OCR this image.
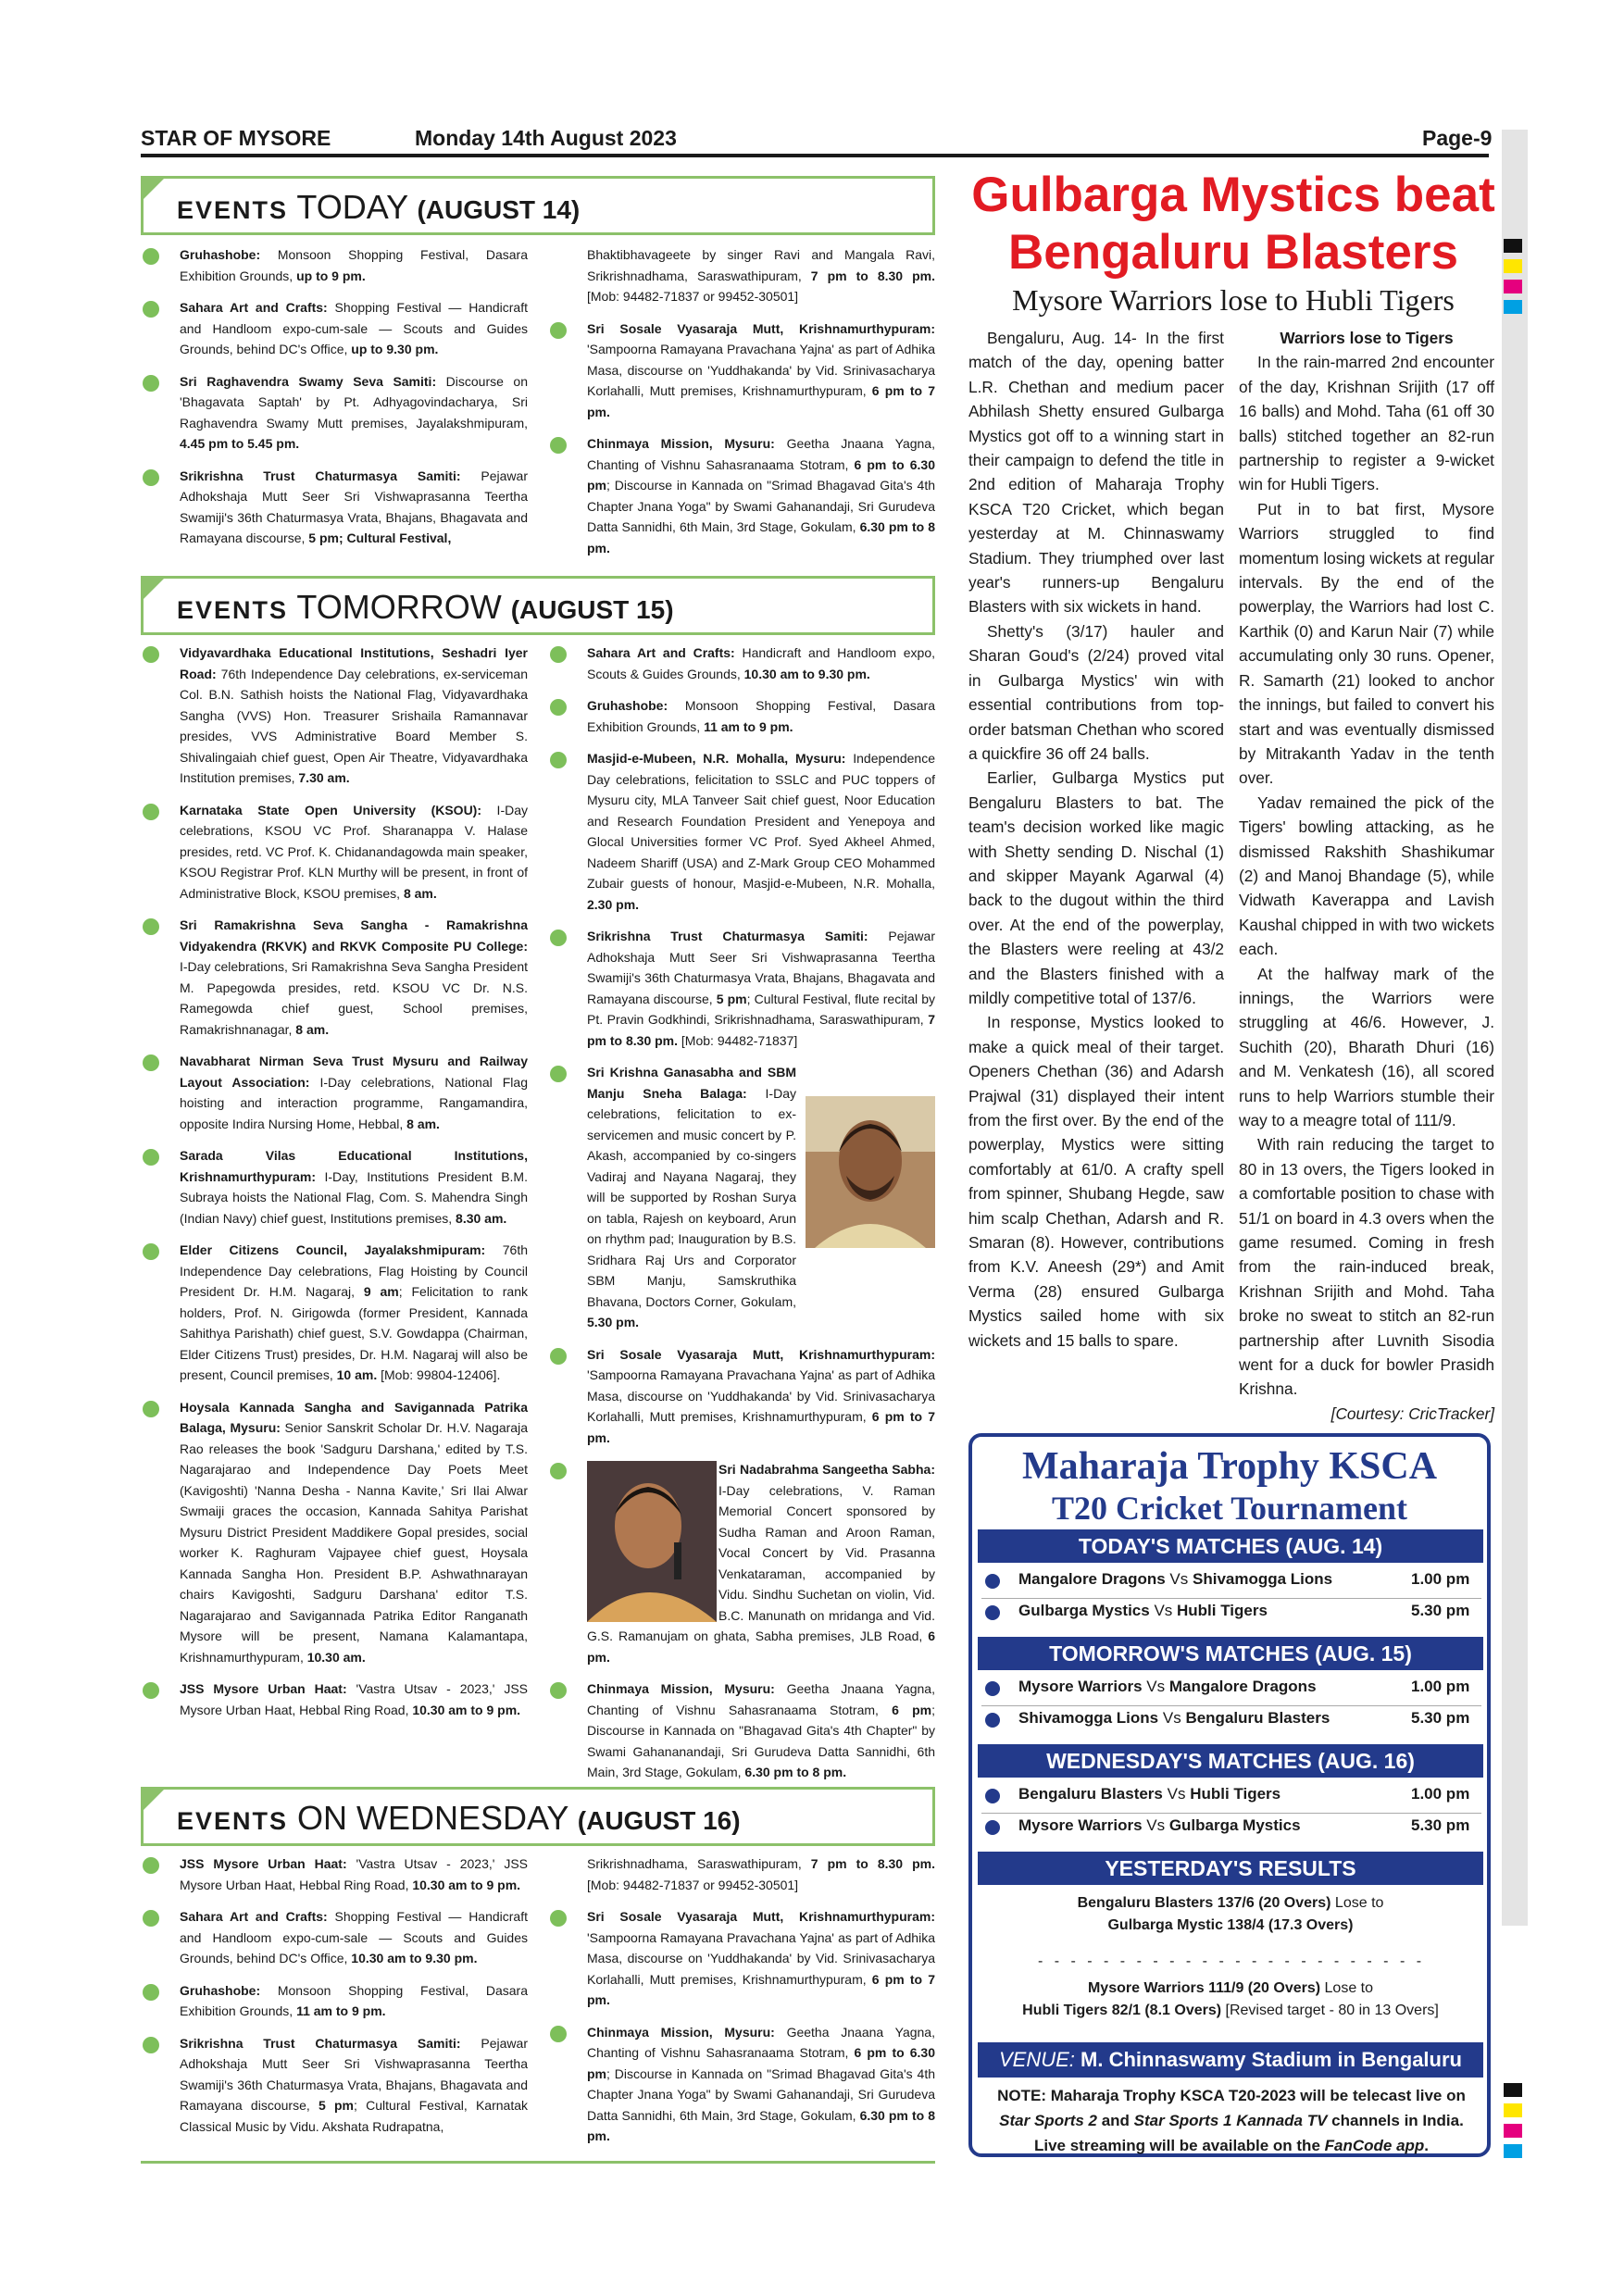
STAR OF MYSORE	Monday 14th August 2023	Page-9
EVENTS TODAY (AUGUST 14)
Gruhashobe: Monsoon Shopping Festival, Dasara Exhibition Grounds, up to 9 pm.
Sahara Art and Crafts: Shopping Festival — Handicraft and Handloom expo-cum-sale — Scouts and Guides Grounds, behind DC's Office, up to 9.30 pm.
Sri Raghavendra Swamy Seva Samiti: Discourse on 'Bhagavata Saptah' by Pt. Adhyagovindacharya, Sri Raghavendra Swamy Mutt premises, Jayalakshmipuram, 4.45 pm to 5.45 pm.
Srikrishna Trust Chaturmasya Samiti: Pejawar Adhokshaja Mutt Seer Sri Vishwaprasanna Teertha Swamiji's 36th Chaturmasya Vrata, Bhajans, Bhagavata and Ramayana discourse, 5 pm; Cultural Festival,
Bhaktibhavageete by singer Ravi and Mangala Ravi, Srikrishnadhama, Saraswathipuram, 7 pm to 8.30 pm. [Mob: 94482-71837 or 99452-30501]
Sri Sosale Vyasaraja Mutt, Krishnamurthypuram: 'Sampoorna Ramayana Pravachana Yajna' as part of Adhika Masa, discourse on 'Yuddhakanda' by Vid. Srinivasacharya Korlahalli, Mutt premises, Krishnamurthypuram, 6 pm to 7 pm.
Chinmaya Mission, Mysuru: Geetha Jnaana Yagna, Chanting of Vishnu Sahasranaama Stotram, 6 pm to 6.30 pm; Discourse in Kannada on "Srimad Bhagavad Gita's 4th Chapter Jnana Yoga" by Swami Gahanandaji, Sri Gurudeva Datta Sannidhi, 6th Main, 3rd Stage, Gokulam, 6.30 pm to 8 pm.
EVENTS TOMORROW (AUGUST 15)
Vidyavardhaka Educational Institutions, Seshadri Iyer Road: 76th Independence Day celebrations, ex-serviceman Col. B.N. Sathish hoists the National Flag, Vidyavardhaka Sangha (VVS) Hon. Treasurer Srishaila Ramannavar presides, VVS Administrative Board Member S. Shivalingaiah chief guest, Open Air Theatre, Vidyavardhaka Institution premises, 7.30 am.
Karnataka State Open University (KSOU): I-Day celebrations, KSOU VC Prof. Sharanappa V. Halase presides, retd. VC Prof. K. Chidanandagowda main speaker, KSOU Registrar Prof. KLN Murthy will be present, in front of Administrative Block, KSOU premises, 8 am.
Sri Ramakrishna Seva Sangha - Ramakrishna Vidyakendra (RKVK) and RKVK Composite PU College: I-Day celebrations, Sri Ramakrishna Seva Sangha President M. Papegowda presides, retd. KSOU VC Dr. N.S. Ramegowda chief guest, School premises, Ramakrishnanagar, 8 am.
Navabharat Nirman Seva Trust Mysuru and Railway Layout Association: I-Day celebrations, National Flag hoisting and interaction programme, Rangamandira, opposite Indira Nursing Home, Hebbal, 8 am.
Sarada Vilas Educational Institutions, Krishnamurthypuram: I-Day, Institutions President B.M. Subraya hoists the National Flag, Com. S. Mahendra Singh (Indian Navy) chief guest, Institutions premises, 8.30 am.
Elder Citizens Council, Jayalakshmipuram: 76th Independence Day celebrations, Flag Hoisting by Council President Dr. H.M. Nagaraj, 9 am; Felicitation to rank holders, Prof. N. Girigowda (former President, Kannada Sahithya Parishath) chief guest, S.V. Gowdappa (Chairman, Elder Citizens Trust) presides, Dr. H.M. Nagaraj will also be present, Council premises, 10 am. [Mob: 99804-12406].
Hoysala Kannada Sangha and Savigannada Patrika Balaga, Mysuru: Senior Sanskrit Scholar Dr. H.V. Nagaraja Rao releases the book 'Sadguru Darshana,' edited by T.S. Nagarajarao and Independence Day Poets Meet (Kavigoshti) 'Nanna Desha - Nanna Kavite,' Sri Ilai Alwar Swmaiji graces the occasion, Kannada Sahitya Parishat Mysuru District President Maddikere Gopal presides, social worker K. Raghuram Vajpayee chief guest, Hoysala Kannada Sangha Hon. President B.P. Ashwathnarayan chairs Kavigoshti, Sadguru Darshana' editor T.S. Nagarajarao and Savigannada Patrika Editor Ranganath Mysore will be present, Namana Kalamantapa, Krishnamurthypuram, 10.30 am.
JSS Mysore Urban Haat: 'Vastra Utsav - 2023,' JSS Mysore Urban Haat, Hebbal Ring Road, 10.30 am to 9 pm.
Sahara Art and Crafts: Handicraft and Handloom expo, Scouts & Guides Grounds, 10.30 am to 9.30 pm.
Gruhashobe: Monsoon Shopping Festival, Dasara Exhibition Grounds, 11 am to 9 pm.
Masjid-e-Mubeen, N.R. Mohalla, Mysuru: Independence Day celebrations, felicitation to SSLC and PUC toppers of Mysuru city, MLA Tanveer Sait chief guest, Noor Education and Research Foundation President and Yenepoya and Glocal Universities former VC Prof. Syed Akheel Ahmed, Nadeem Shariff (USA) and Z-Mark Group CEO Mohammed Zubair guests of honour, Masjid-e-Mubeen, N.R. Mohalla, 2.30 pm.
Srikrishna Trust Chaturmasya Samiti: Pejawar Adhokshaja Mutt Seer Sri Vishwaprasanna Teertha Swamiji's 36th Chaturmasya Vrata, Bhajans, Bhagavata and Ramayana discourse, 5 pm; Cultural Festival, flute recital by Pt. Pravin Godkhindi, Srikrishnadhama, Saraswathipuram, 7 pm to 8.30 pm. [Mob: 94482-71837]
Sri Krishna Ganasabha and SBM Manju Sneha Balaga: I-Day celebrations, felicitation to ex-servicemen and music concert by P. Akash, accompanied by co-singers Vadiraj and Nayana Nagaraj, they will be supported by Roshan Surya on tabla, Rajesh on keyboard, Arun on rhythm pad; Inauguration by B.S. Sridhara Raj Urs and Corporator SBM Manju, Samskruthika Bhavana, Doctors Corner, Gokulam, 5.30 pm.
Sri Sosale Vyasaraja Mutt, Krishnamurthypuram: 'Sampoorna Ramayana Pravachana Yajna' as part of Adhika Masa, discourse on 'Yuddhakanda' by Vid. Srinivasacharya Korlahalli, Mutt premises, Krishnamurthypuram, 6 pm to 7 pm.
Sri Nadabrahma Sangeetha Sabha: I-Day celebrations, V. Raman Memorial Concert sponsored by Sudha Raman and Aroon Raman, Vocal Concert by Vid. Prasanna Venkataraman, accompanied by Vidu. Sindhu Suchetan on violin, Vid. B.C. Manunath on mridanga and Vid. G.S. Ramanujam on ghata, Sabha premises, JLB Road, 6 pm.
Chinmaya Mission, Mysuru: Geetha Jnaana Yagna, Chanting of Vishnu Sahasranaama Stotram, 6 pm; Discourse in Kannada on "Bhagavad Gita's 4th Chapter" by Swami Gahananandaji, Sri Gurudeva Datta Sannidhi, 6th Main, 3rd Stage, Gokulam, 6.30 pm to 8 pm.
EVENTS ON WEDNESDAY (AUGUST 16)
JSS Mysore Urban Haat: 'Vastra Utsav - 2023,' JSS Mysore Urban Haat, Hebbal Ring Road, 10.30 am to 9 pm.
Sahara Art and Crafts: Shopping Festival — Handicraft and Handloom expo-cum-sale — Scouts and Guides Grounds, behind DC's Office, 10.30 am to 9.30 pm.
Gruhashobe: Monsoon Shopping Festival, Dasara Exhibition Grounds, 11 am to 9 pm.
Srikrishna Trust Chaturmasya Samiti: Pejawar Adhokshaja Mutt Seer Sri Vishwaprasanna Teertha Swamiji's 36th Chaturmasya Vrata, Bhajans, Bhagavata and Ramayana discourse, 5 pm; Cultural Festival, Karnatak Classical Music by Vidu. Akshata Rudrapatna,
Srikrishnadhama, Saraswathipuram, 7 pm to 8.30 pm. [Mob: 94482-71837 or 99452-30501]
Sri Sosale Vyasaraja Mutt, Krishnamurthypuram: 'Sampoorna Ramayana Pravachana Yajna' as part of Adhika Masa, discourse on 'Yuddhakanda' by Vid. Srinivasacharya Korlahalli, Mutt premises, Krishnamurthypuram, 6 pm to 7 pm.
Chinmaya Mission, Mysuru: Geetha Jnaana Yagna, Chanting of Vishnu Sahasranaama Stotram, 6 pm to 6.30 pm; Discourse in Kannada on "Srimad Bhagavad Gita's 4th Chapter Jnana Yoga" by Swami Gahanandaji, Sri Gurudeva Datta Sannidhi, 6th Main, 3rd Stage, Gokulam, 6.30 pm to 8 pm.
Gulbarga Mystics beat Bengaluru Blasters
Mysore Warriors lose to Hubli Tigers

Bengaluru, Aug. 14- In the first match of the day, opening batter L.R. Chethan and medium pacer Abhilash Shetty ensured Gulbarga Mystics got off to a winning start in their campaign to defend the title in 2nd edition of Maharaja Trophy KSCA T20 Cricket, which began yesterday at M. Chinnaswamy Stadium. They triumphed over last year's runners-up Bengaluru Blasters with six wickets in hand.

Shetty's (3/17) hauler and Sharan Goud's (2/24) proved vital in Gulbarga Mystics' win with essential contributions from top-order batsman Chethan who scored a quickfire 36 off 24 balls.

Earlier, Gulbarga Mystics put Bengaluru Blasters to bat. The team's decision worked like magic with Shetty sending D. Nischal (1) and skipper Mayank Agarwal (4) back to the dugout within the third over. At the end of the powerplay, the Blasters were reeling at 43/2 and the Blasters finished with a mildly competitive total of 137/6.

In response, Mystics looked to make a quick meal of their target. Openers Chethan (36) and Adarsh Prajwal (31) displayed their intent from the first over. By the end of the powerplay, Mystics were sitting comfortably at 61/0. A crafty spell from spinner, Shubang Hegde, saw him scalp Chethan, Adarsh and R. Smaran (8). However, contributions from K.V. Aneesh (29*) and Amit Verma (28) ensured Gulbarga Mystics sailed home with six wickets and 15 balls to spare.

Warriors lose to Tigers

In the rain-marred 2nd encounter of the day, Krishnan Srijith (17 off 16 balls) and Mohd. Taha (61 off 30 balls) stitched together an 82-run partnership to register a 9-wicket win for Hubli Tigers.

Put in to bat first, Mysore Warriors struggled to find momentum losing wickets at regular intervals. By the end of the powerplay, the Warriors had lost C. Karthik (0) and Karun Nair (7) while accumulating only 30 runs. Opener, R. Samarth (21) looked to anchor the innings, but failed to convert his start and was eventually dismissed by Mitrakanth Yadav in the tenth over.

Yadav remained the pick of the Tigers' bowling attacking, as he dismissed Rakshith Shashikumar (2) and Manoj Bhandage (5), while Vidwath Kaverappa and Lavish Kaushal chipped in with two wickets each.

At the halfway mark of the innings, the Warriors were struggling at 46/6. However, J. Suchith (20), Bharath Dhuri (16) and M. Venkatesh (16), all scored runs to help Warriors stumble their way to a meagre total of 111/9.

With rain reducing the target to 80 in 13 overs, the Tigers looked in a comfortable position to chase with 51/1 on board in 4.3 overs when the game resumed. Coming in fresh from the rain-induced break, Krishnan Srijith and Mohd. Taha broke no sweat to stitch an 82-run partnership after Luvnith Sisodia went for a duck for bowler Prasidh Krishna.

[Courtesy: CricTracker]

Maharaja Trophy KSCA
T20 Cricket Tournament
TODAY'S MATCHES (AUG. 14)
Mangalore Dragons Vs Shivamogga Lions	1.00 pm
Gulbarga Mystics Vs Hubli Tigers	5.30 pm
TOMORROW'S MATCHES (AUG. 15)
Mysore Warriors Vs Mangalore Dragons	1.00 pm
Shivamogga Lions Vs Bengaluru Blasters	5.30 pm
WEDNESDAY'S MATCHES (AUG. 16)
Bengaluru Blasters Vs Hubli Tigers	1.00 pm
Mysore Warriors Vs Gulbarga Mystics	5.30 pm
YESTERDAY'S RESULTS
Bengaluru Blasters 137/6 (20 Overs) Lose to
Gulbarga Mystic 138/4 (17.3 Overs)
- - - - - - - - - - - - - - - - - - - - - - - -
Mysore Warriors 111/9 (20 Overs) Lose to
Hubli Tigers 82/1 (8.1 Overs) [Revised target - 80 in 13 Overs]
VENUE: M. Chinnaswamy Stadium in Bengaluru
NOTE: Maharaja Trophy KSCA T20-2023 will be telecast live on
Star Sports 2 and Star Sports 1 Kannada TV channels in India.
Live streaming will be available on the FanCode app.
